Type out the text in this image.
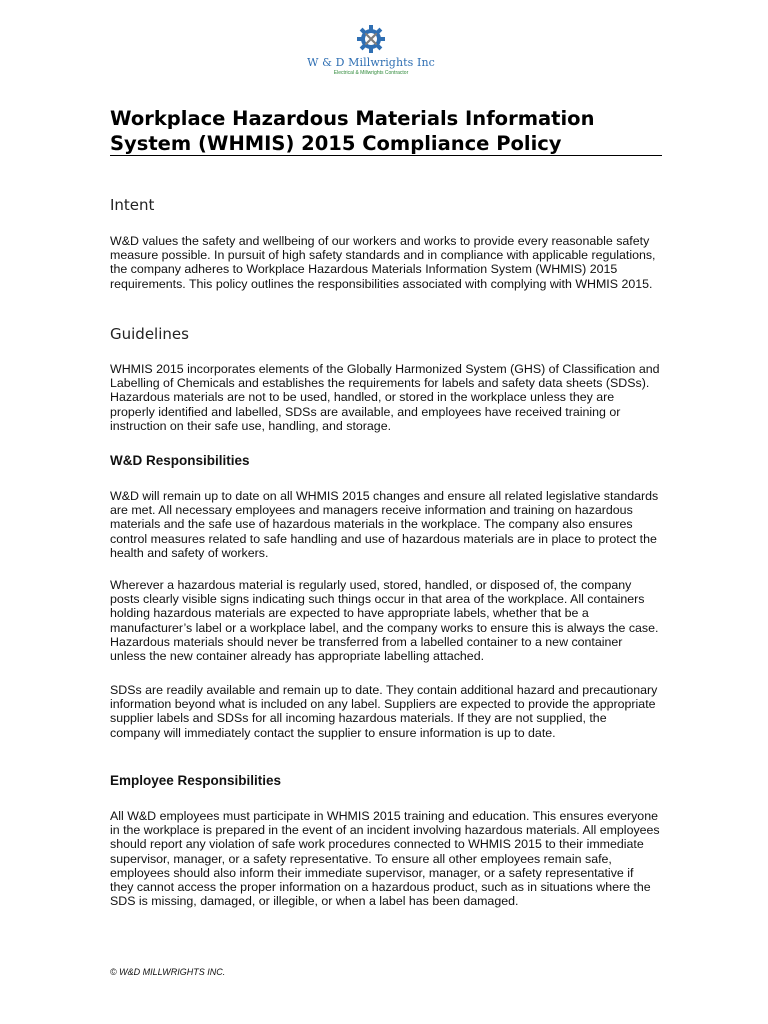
W & D Millwrights Inc
Electrical & Millwrights Contractor
Workplace Hazardous Materials Information System (WHMIS) 2015 Compliance Policy
Intent

W&D values the safety and wellbeing of our workers and works to provide every reasonable safety measure possible. In pursuit of high safety standards and in compliance with applicable regulations, the company adheres to Workplace Hazardous Materials Information System (WHMIS) 2015 requirements. This policy outlines the responsibilities associated with complying with WHMIS 2015.

Guidelines

WHMIS 2015 incorporates elements of the Globally Harmonized System (GHS) of Classification and Labelling of Chemicals and establishes the requirements for labels and safety data sheets (SDSs). Hazardous materials are not to be used, handled, or stored in the workplace unless they are properly identified and labelled, SDSs are available, and employees have received training or instruction on their safe use, handling, and storage.

W&D Responsibilities

W&D will remain up to date on all WHMIS 2015 changes and ensure all related legislative standards are met. All necessary employees and managers receive information and training on hazardous materials and the safe use of hazardous materials in the workplace. The company also ensures control measures related to safe handling and use of hazardous materials are in place to protect the health and safety of workers.

Wherever a hazardous material is regularly used, stored, handled, or disposed of, the company posts clearly visible signs indicating such things occur in that area of the workplace. All containers holding hazardous materials are expected to have appropriate labels, whether that be a manufacturer’s label or a workplace label, and the company works to ensure this is always the case. Hazardous materials should never be transferred from a labelled container to a new container unless the new container already has appropriate labelling attached.

SDSs are readily available and remain up to date. They contain additional hazard and precautionary information beyond what is included on any label. Suppliers are expected to provide the appropriate supplier labels and SDSs for all incoming hazardous materials. If they are not supplied, the company will immediately contact the supplier to ensure information is up to date.

Employee Responsibilities

All W&D employees must participate in WHMIS 2015 training and education. This ensures everyone in the workplace is prepared in the event of an incident involving hazardous materials. All employees should report any violation of safe work procedures connected to WHMIS 2015 to their immediate supervisor, manager, or a safety representative. To ensure all other employees remain safe, employees should also inform their immediate supervisor, manager, or a safety representative if they cannot access the proper information on a hazardous product, such as in situations where the SDS is missing, damaged, or illegible, or when a label has been damaged.

© W&D MILLWRIGHTS INC.
